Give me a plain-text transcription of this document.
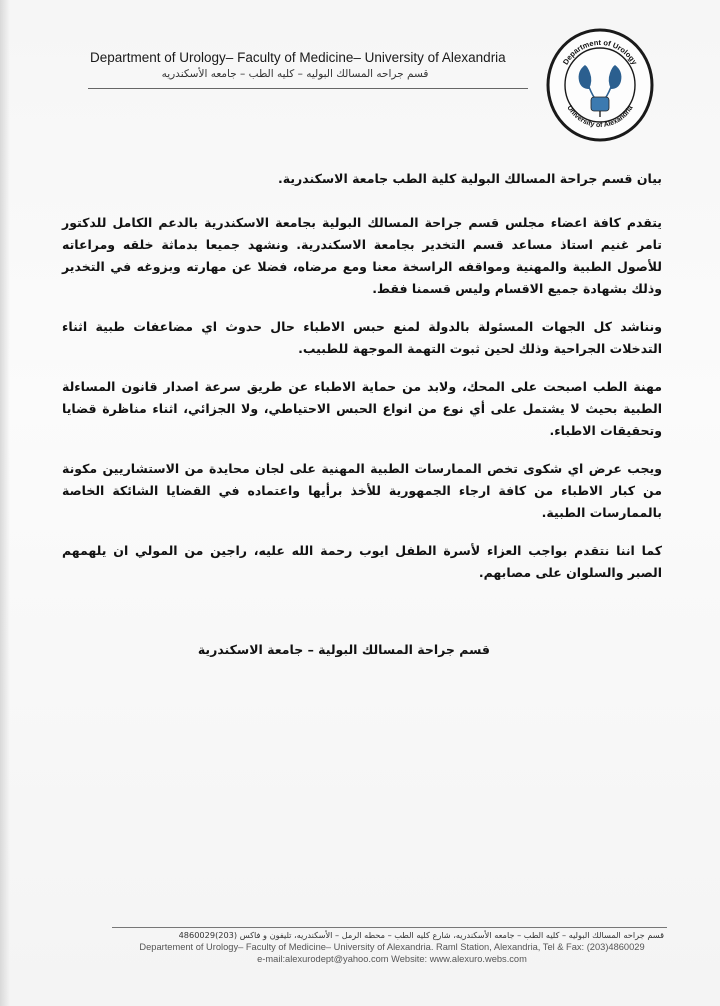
Department of Urology– Faculty of Medicine– University of Alexandria
قسم جراحه المسالك البوليه – كليه الطب – جامعه الأسكندريه
Department of Urology
University of Alexandria

بيان قسم جراحة المسالك البولية كلية الطب جامعة الاسكندرية.

يتقدم كافة اعضاء مجلس قسم جراحة المسالك البولية بجامعة الاسكندرية بالدعم الكامل للدكتور تامر غنيم استاذ مساعد قسم التخدير بجامعة الاسكندرية. ونشهد جميعا بدماثة خلقه ومراعاته للأصول الطبية والمهنية ومواقفه الراسخة معنا ومع مرضاه، فضلا عن مهارته وبزوغه في التخدير وذلك بشهادة جميع الاقسام وليس قسمنا فقط.

ونناشد كل الجهات المسئولة بالدولة لمنع حبس الاطباء حال حدوث اي مضاعفات طبية اثناء التدخلات الجراحية وذلك لحين ثبوت التهمة الموجهة للطبيب.

مهنة الطب اصبحت على المحك، ولابد من حماية الاطباء عن طريق سرعة اصدار قانون المساءلة الطبية بحيث لا يشتمل على أي نوع من انواع الحبس الاحتياطي، ولا الجزائي، اثناء مناظرة قضايا وتحقيقات الاطباء.

ويجب عرض اي شكوى تخص الممارسات الطبية المهنية على لجان محايدة من الاستشاريين مكونة من كبار الاطباء من كافة ارجاء الجمهورية للأخذ برأيها واعتماده في القضايا الشائكة الخاصة بالممارسات الطبية.

كما اننا نتقدم بواجب العزاء لأسرة الطفل ايوب رحمة الله عليه، راجين من المولي ان يلهمهم الصبر والسلوان على مصابهم.

قسم جراحة المسالك البولية – جامعة الاسكندرية
قسم جراحه المسالك البوليه – كليه الطب – جامعه الأسكندريه، شارع كليه الطب – محطه الرمل – الأسكندريه، تليفون و فاكس (203)4860029
Departement of Urology– Faculty of Medicine– University of Alexandria. Raml Station, Alexandria, Tel & Fax: (203)4860029
e-mail:alexurodept@yahoo.com Website: www.alexuro.webs.com
